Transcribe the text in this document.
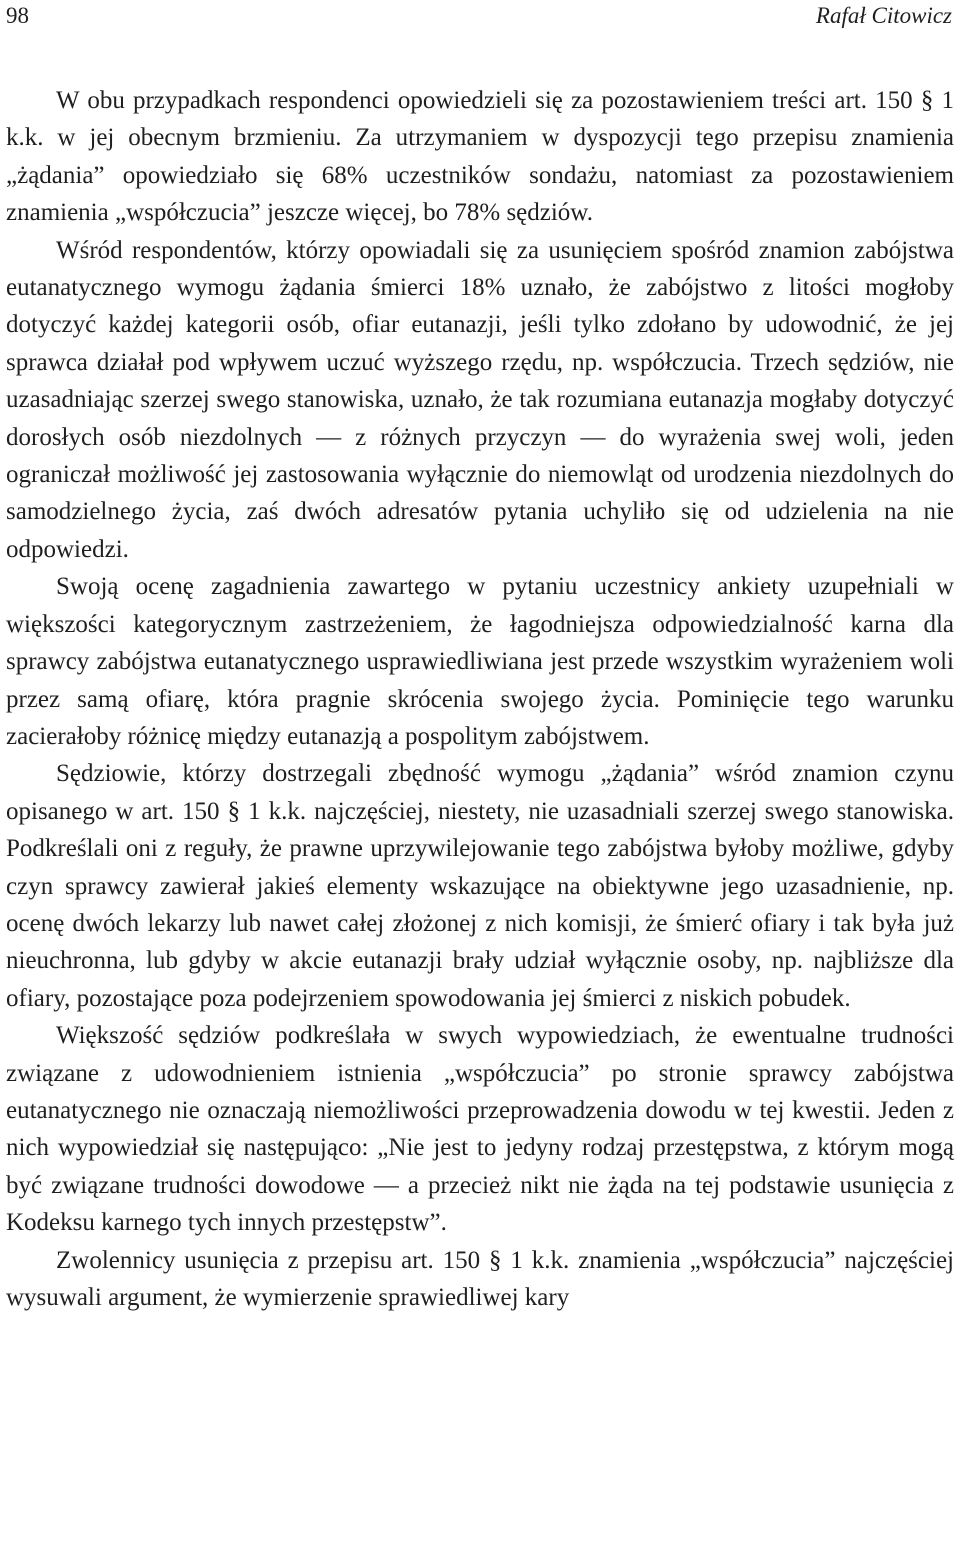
98	Rafał Citowicz

W obu przypadkach respondenci opowiedzieli się za pozostawieniem treści art. 150 § 1 k.k. w jej obecnym brzmieniu. Za utrzymaniem w dyspozycji tego przepisu znamienia „żądania” opowiedziało się 68% uczestników sondażu, natomiast za pozostawieniem znamienia „współczucia” jeszcze więcej, bo 78% sędziów.

Wśród respondentów, którzy opowiadali się za usunięciem spośród znamion zabójstwa eutanatycznego wymogu żądania śmierci 18% uznało, że zabójstwo z litości mogłoby dotyczyć każdej kategorii osób, ofiar eutanazji, jeśli tylko zdołano by udowodnić, że jej sprawca działał pod wpływem uczuć wyższego rzędu, np. współczucia. Trzech sędziów, nie uzasadniając szerzej swego stanowiska, uznało, że tak rozumiana eutanazja mogłaby dotyczyć dorosłych osób niezdolnych — z różnych przyczyn — do wyrażenia swej woli, jeden ograniczał możliwość jej zastosowania wyłącznie do niemowląt od urodzenia niezdolnych do samodzielnego życia, zaś dwóch adresatów pytania uchyliło się od udzielenia na nie odpowiedzi.

Swoją ocenę zagadnienia zawartego w pytaniu uczestnicy ankiety uzupełniali w większości kategorycznym zastrzeżeniem, że łagodniejsza odpowiedzialność karna dla sprawcy zabójstwa eutanatycznego usprawiedliwiana jest przede wszystkim wyrażeniem woli przez samą ofiarę, która pragnie skrócenia swojego życia. Pominięcie tego warunku zacierałoby różnicę między eutanazją a pospolitym zabójstwem.

Sędziowie, którzy dostrzegali zbędność wymogu „żądania” wśród znamion czynu opisanego w art. 150 § 1 k.k. najczęściej, niestety, nie uzasadniali szerzej swego stanowiska. Podkreślali oni z reguły, że prawne uprzywilejowanie tego zabójstwa byłoby możliwe, gdyby czyn sprawcy zawierał jakieś elementy wskazujące na obiektywne jego uzasadnienie, np. ocenę dwóch lekarzy lub nawet całej złożonej z nich komisji, że śmierć ofiary i tak była już nieuchronna, lub gdyby w akcie eutanazji brały udział wyłącznie osoby, np. najbliższe dla ofiary, pozostające poza podejrzeniem spowodowania jej śmierci z niskich pobudek.

Większość sędziów podkreślała w swych wypowiedziach, że ewentualne trudności związane z udowodnieniem istnienia „współczucia” po stronie sprawcy zabójstwa eutanatycznego nie oznaczają niemożliwości przeprowadzenia dowodu w tej kwestii. Jeden z nich wypowiedział się następująco: „Nie jest to jedyny rodzaj przestępstwa, z którym mogą być związane trudności dowodowe — a przecież nikt nie żąda na tej podstawie usunięcia z Kodeksu karnego tych innych przestępstw”.

Zwolennicy usunięcia z przepisu art. 150 § 1 k.k. znamienia „współczucia” najczęściej wysuwali argument, że wymierzenie sprawiedliwej kary
